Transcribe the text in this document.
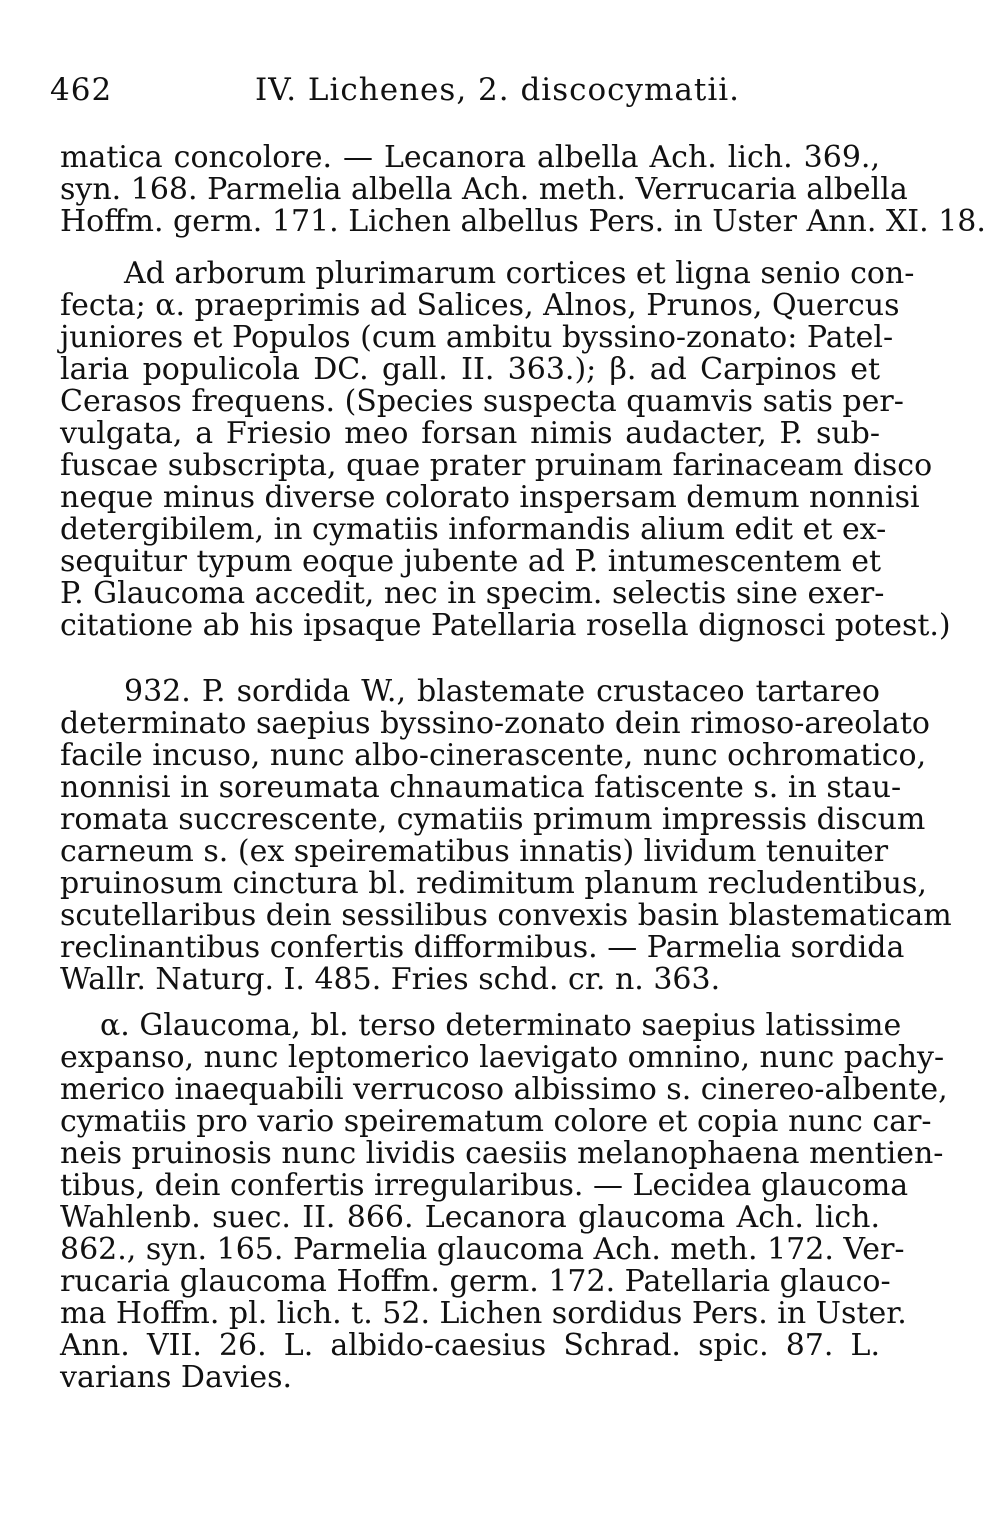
462	IV. Lichenes, 2. discocymatii.
matica concolore. — Lecanora albella Ach. lich. 369.,
syn. 168. Parmelia albella Ach. meth. Verrucaria albella
Hoffm. germ. 171. Lichen albellus Pers. in Uster Ann. XI. 18.
Ad arborum plurimarum cortices et ligna senio con-
fecta; α. praeprimis ad Salices, Alnos, Prunos, Quercus
juniores et Populos (cum ambitu byssino-zonato: Patel-
laria populicola DC. gall. II. 363.); β. ad Carpinos et
Cerasos frequens. (Species suspecta quamvis satis per-
vulgata, a Friesio meo forsan nimis audacter, P. sub-
fuscae subscripta, quae prater pruinam farinaceam disco
neque minus diverse colorato inspersam demum nonnisi
detergibilem, in cymatiis informandis alium edit et ex-
sequitur typum eoque jubente ad P. intumescentem et
P. Glaucoma accedit, nec in specim. selectis sine exer-
citatione ab his ipsaque Patellaria rosella dignosci potest.)
932. P. sordida W., blastemate crustaceo tartareo
determinato saepius byssino-zonato dein rimoso-areolato
facile incuso, nunc albo-cinerascente, nunc ochromatico,
nonnisi in soreumata chnaumatica fatiscente s. in stau-
romata succrescente, cymatiis primum impressis discum
carneum s. (ex speirematibus innatis) lividum tenuiter
pruinosum cinctura bl. redimitum planum recludentibus,
scutellaribus dein sessilibus convexis basin blastematicam
reclinantibus confertis difformibus. — Parmelia sordida
Wallr. Naturg. I. 485. Fries schd. cr. n. 363.
α. Glaucoma, bl. terso determinato saepius latissime
expanso, nunc leptomerico laevigato omnino, nunc pachy-
merico inaequabili verrucoso albissimo s. cinereo-albente,
cymatiis pro vario speirematum colore et copia nunc car-
neis pruinosis nunc lividis caesiis melanophaena mentien-
tibus, dein confertis irregularibus. — Lecidea glaucoma
Wahlenb. suec. II. 866. Lecanora glaucoma Ach. lich.
862., syn. 165. Parmelia glaucoma Ach. meth. 172. Ver-
rucaria glaucoma Hoffm. germ. 172. Patellaria glauco-
ma Hoffm. pl. lich. t. 52. Lichen sordidus Pers. in Uster.
Ann. VII. 26. L. albido-caesius Schrad. spic. 87. L.
varians Davies.
